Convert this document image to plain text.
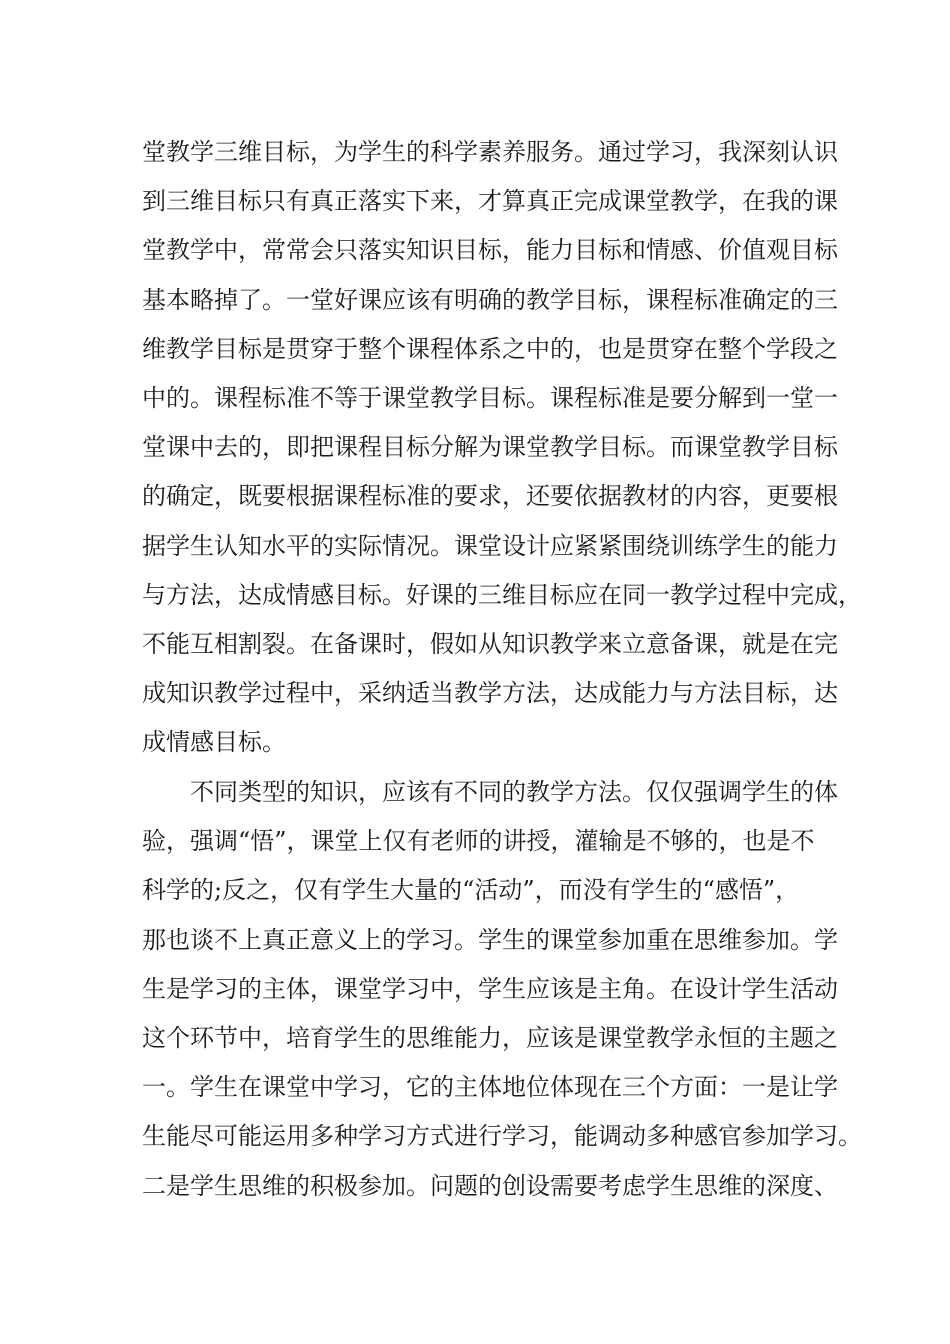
堂教学三维目标，为学生的科学素养服务。通过学习，我深刻认识
到三维目标只有真正落实下来，才算真正完成课堂教学，在我的课
堂教学中，常常会只落实知识目标，能力目标和情感、价值观目标
基本略掉了。一堂好课应该有明确的教学目标，课程标准确定的三
维教学目标是贯穿于整个课程体系之中的，也是贯穿在整个学段之
中的。课程标准不等于课堂教学目标。课程标准是要分解到一堂一
堂课中去的，即把课程目标分解为课堂教学目标。而课堂教学目标
的确定，既要根据课程标准的要求，还要依据教材的内容，更要根
据学生认知水平的实际情况。课堂设计应紧紧围绕训练学生的能力
与方法，达成情感目标。好课的三维目标应在同一教学过程中完成，
不能互相割裂。在备课时，假如从知识教学来立意备课，就是在完
成知识教学过程中，采纳适当教学方法，达成能力与方法目标，达
成情感目标。
不同类型的知识，应该有不同的教学方法。仅仅强调学生的体
验，强调“悟”，课堂上仅有老师的讲授，灌输是不够的，也是不
科学的;反之，仅有学生大量的“活动”，而没有学生的“感悟”，
那也谈不上真正意义上的学习。学生的课堂参加重在思维参加。学
生是学习的主体，课堂学习中，学生应该是主角。在设计学生活动
这个环节中，培育学生的思维能力，应该是课堂教学永恒的主题之
一。学生在课堂中学习，它的主体地位体现在三个方面：一是让学
生能尽可能运用多种学习方式进行学习，能调动多种感官参加学习。
二是学生思维的积极参加。问题的创设需要考虑学生思维的深度、
